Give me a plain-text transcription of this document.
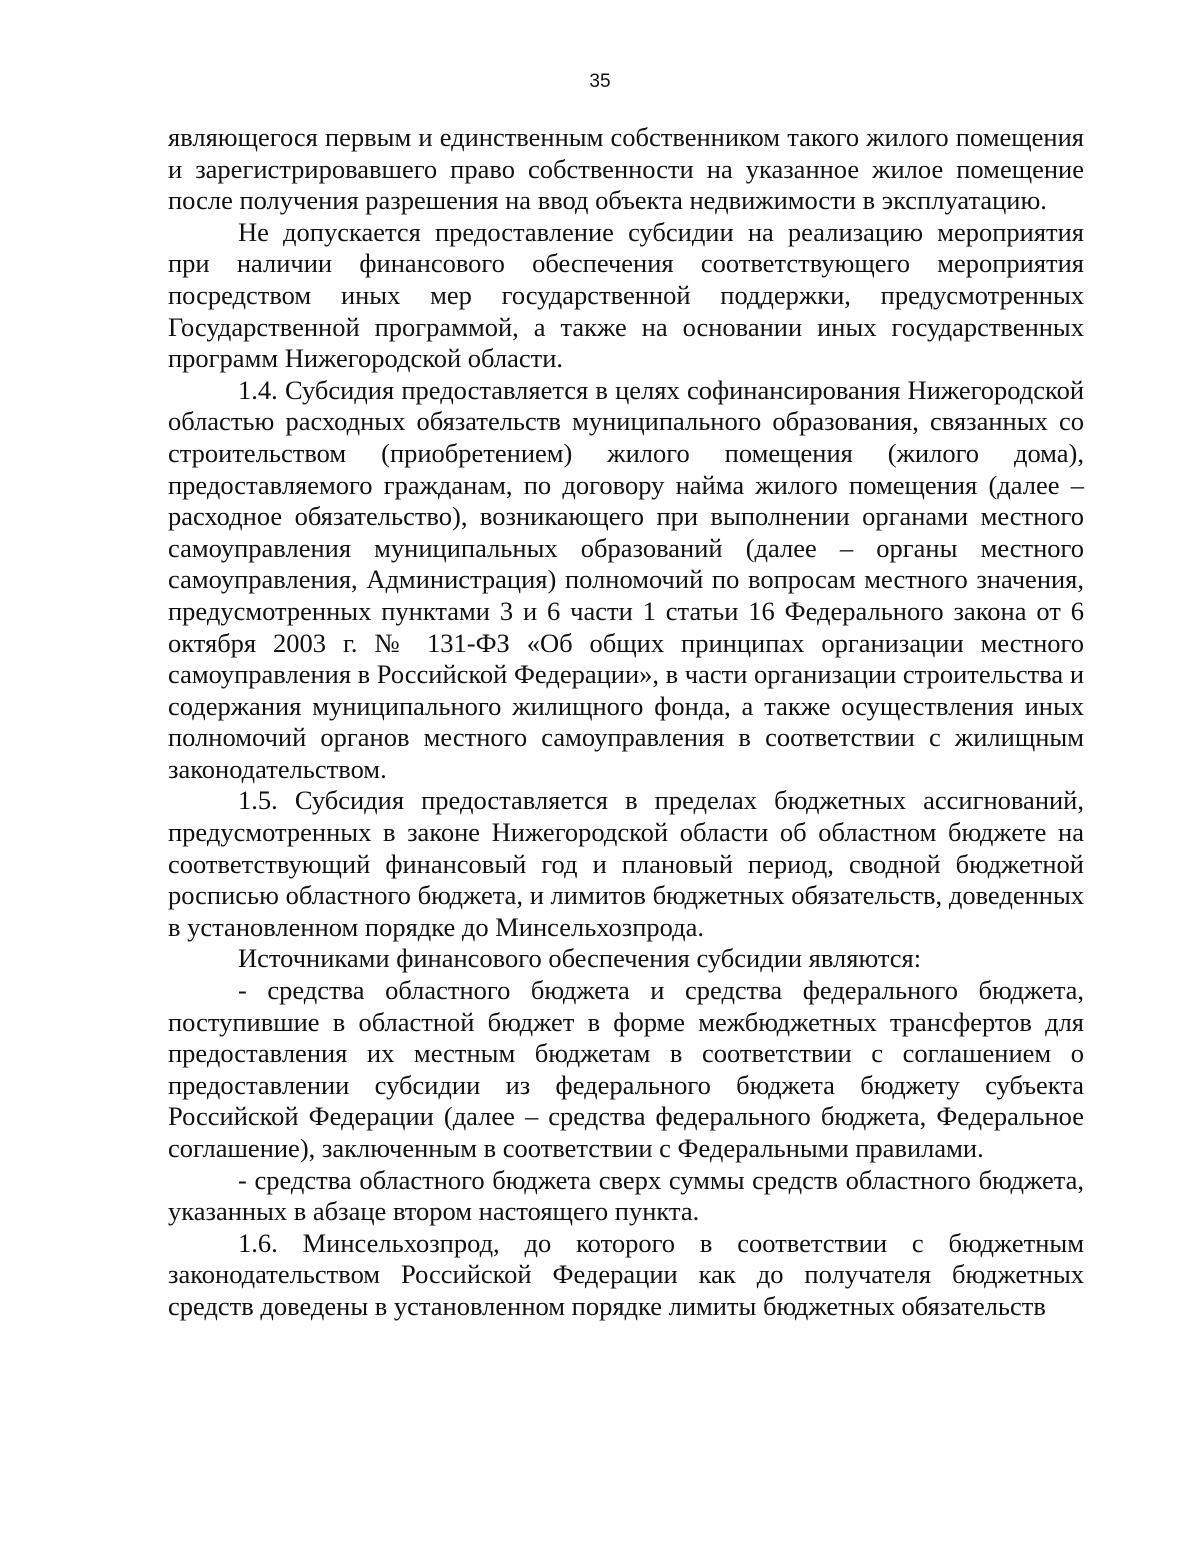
35

являющегося первым и единственным собственником такого жилого помещения и зарегистрировавшего право собственности на указанное жилое помещение после получения разрешения на ввод объекта недвижимости в эксплуатацию.

Не допускается предоставление субсидии на реализацию мероприятия при наличии финансового обеспечения соответствующего мероприятия посредством иных мер государственной поддержки, предусмотренных Государственной программой, а также на основании иных государственных программ Нижегородской области.

1.4. Субсидия предоставляется в целях софинансирования Нижегородской областью расходных обязательств муниципального образования, связанных со строительством (приобретением) жилого помещения (жилого дома), предоставляемого гражданам, по договору найма жилого помещения (далее – расходное обязательство), возникающего при выполнении органами местного самоуправления муниципальных образований (далее – органы местного самоуправления, Администрация) полномочий по вопросам местного значения, предусмотренных пунктами 3 и 6 части 1 статьи 16 Федерального закона от 6 октября 2003 г. № 131-ФЗ «Об общих принципах организации местного самоуправления в Российской Федерации», в части организации строительства и содержания муниципального жилищного фонда, а также осуществления иных полномочий органов местного самоуправления в соответствии с жилищным законодательством.

1.5. Субсидия предоставляется в пределах бюджетных ассигнований, предусмотренных в законе Нижегородской области об областном бюджете на соответствующий финансовый год и плановый период, сводной бюджетной росписью областного бюджета, и лимитов бюджетных обязательств, доведенных в установленном порядке до Минсельхозпрода.

Источниками финансового обеспечения субсидии являются:

- средства областного бюджета и средства федерального бюджета, поступившие в областной бюджет в форме межбюджетных трансфертов для предоставления их местным бюджетам в соответствии с соглашением о предоставлении субсидии из федерального бюджета бюджету субъекта Российской Федерации (далее – средства федерального бюджета, Федеральное соглашение), заключенным в соответствии с Федеральными правилами.

- средства областного бюджета сверх суммы средств областного бюджета, указанных в абзаце втором настоящего пункта.

1.6. Минсельхозпрод, до которого в соответствии с бюджетным законодательством Российской Федерации как до получателя бюджетных средств доведены в установленном порядке лимиты бюджетных обязательств
